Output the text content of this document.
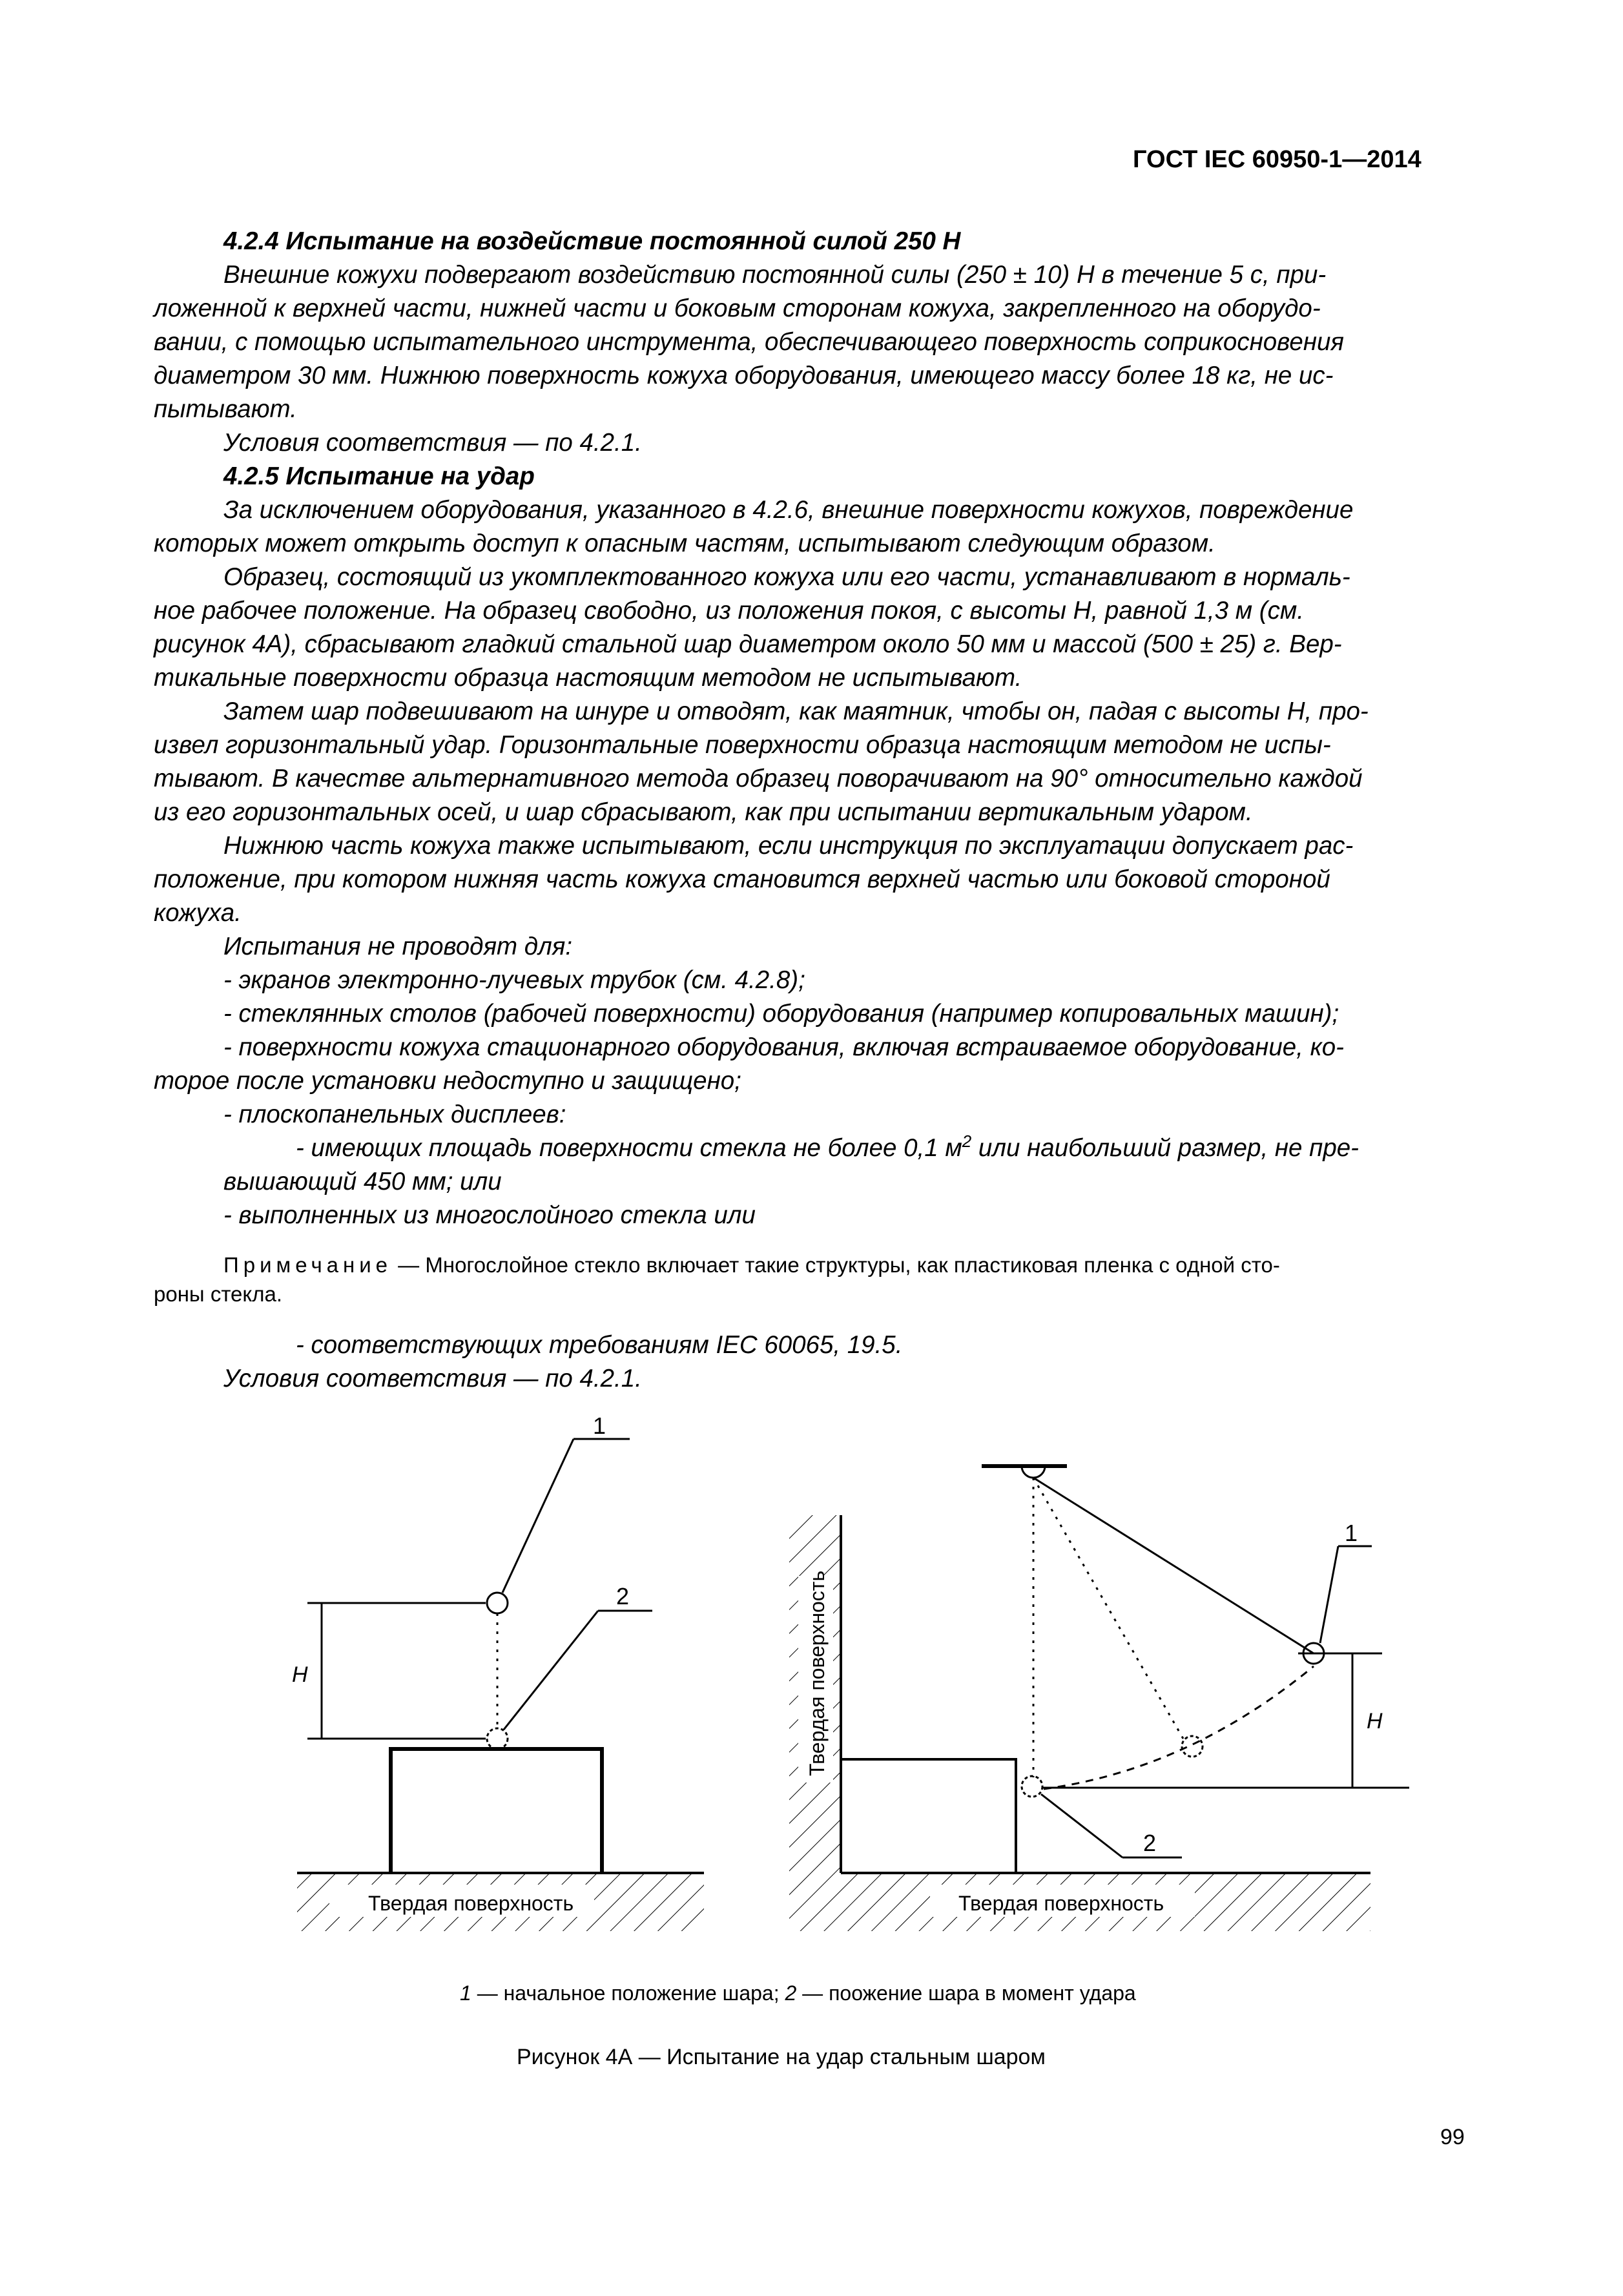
ГОСТ IEC 60950-1—2014
4.2.4 Испытание на воздействие постоянной силой 250 Н
Внешние кожухи подвергают воздействию постоянной силы (250 ± 10) Н в течение 5 с, при-
ложенной к верхней части, нижней части и боковым сторонам кожуха, закрепленного на оборудо-
вании, с помощью испытательного инструмента, обеспечивающего поверхность соприкосновения
диаметром 30 мм. Нижнюю поверхность кожуха оборудования, имеющего массу более 18 кг, не ис-
пытывают.
Условия соответствия — по 4.2.1.
4.2.5 Испытание на удар
За исключением оборудования, указанного в 4.2.6, внешние поверхности кожухов, повреждение
которых может открыть доступ к опасным частям, испытывают следующим образом.
Образец, состоящий из укомплектованного кожуха или его части, устанавливают в нормаль-
ное рабочее положение. На образец свободно, из положения покоя, с высоты H, равной 1,3 м (см.
рисунок 4А), сбрасывают гладкий стальной шар диаметром около 50 мм и массой (500 ± 25) г. Вер-
тикальные поверхности образца настоящим методом не испытывают.
Затем шар подвешивают на шнуре и отводят, как маятник, чтобы он, падая с высоты H, про-
извел горизонтальный удар. Горизонтальные поверхности образца настоящим методом не испы-
тывают. В качестве альтернативного метода образец поворачивают на 90° относительно каждой
из его горизонтальных осей, и шар сбрасывают, как при испытании вертикальным ударом.
Нижнюю часть кожуха также испытывают, если инструкция по эксплуатации допускает рас-
положение, при котором нижняя часть кожуха становится верхней частью или боковой стороной
кожуха.
Испытания не проводят для:
- экранов электронно-лучевых трубок (см. 4.2.8);
- стеклянных столов (рабочей поверхности) оборудования (например копировальных машин);
- поверхности кожуха стационарного оборудования, включая встраиваемое оборудование, ко-
торое после установки недоступно и защищено;
- плоскопанельных дисплеев:
- имеющих площадь поверхности стекла не более 0,1 $м^2$ или наибольший размер, не пре-
вышающий 450 мм; или
- выполненных из многослойного стекла или
Примечание — Многослойное стекло включает такие структуры, как пластиковая пленка с одной сто-
роны стекла.
- соответствующих требованиям IEC 60065, 19.5.
Условия соответствия — по 4.2.1.
1
2
H
Твердая поверхность
1
2
H
Твердая поверхность
Твердая поверхность
1 — начальное положение шара; 2 — поожение шара в момент удара
Рисунок 4А — Испытание на удар стальным шаром
99
